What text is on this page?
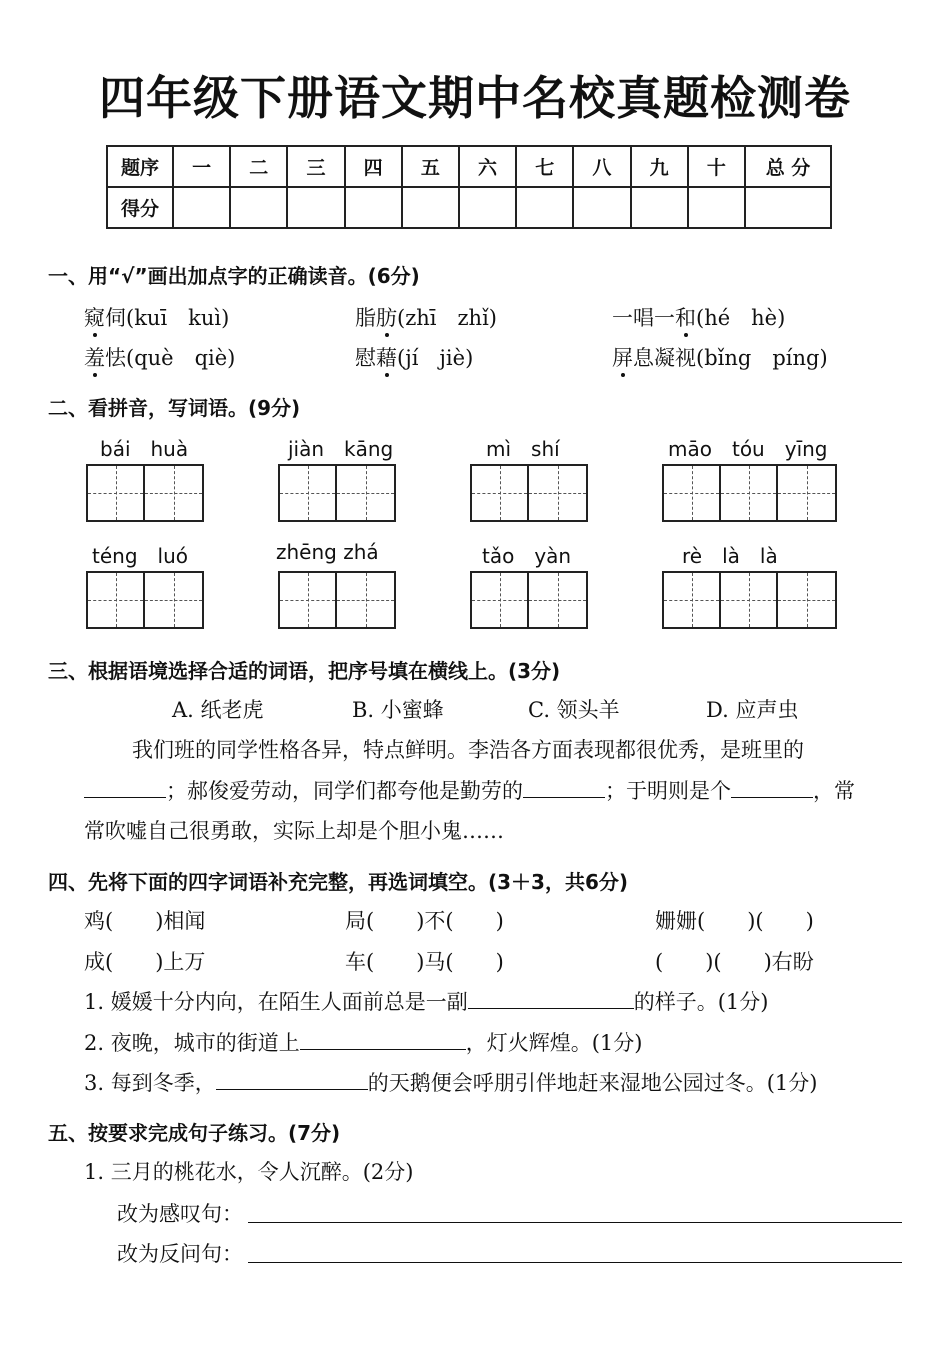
四年级下册语文期中名校真题检测卷
题序	一	二	三	四	五	六	七	八	九	十	总 分
得分											
一、用“√”画出加点字的正确读音。(6分)
窥伺(kuī　kuì)	脂肪(zhī　zhǐ)	一唱一和(hé　hè)
羞怯(què　qiè)	慰藉(jí　jiè)	屏息凝视(bǐng　píng)
二、看拼音，写词语。(9分)
bái　huà	jiàn　kāng	mì　shí	māo　tóu　yīng
téng　luó	zhēng zhá	tǎo　yàn	rè　là　là
三、根据语境选择合适的词语，把序号填在横线上。(3分)
A. 纸老虎	B. 小蜜蜂	C. 领头羊	D. 应声虫
我们班的同学性格各异，特点鲜明。李浩各方面表现都很优秀，是班里的
；郝俊爱劳动，同学们都夸他是勤劳的	；于明则是个	，常
常吹嘘自己很勇敢，实际上却是个胆小鬼……
四、先将下面的四字词语补充完整，再选词填空。(3＋3，共6分)
鸡(　　)相闻	局(　　)不(　　)	姗姗(　　)(　　)
成(　　)上万	车(　　)马(　　)	(　　)(　　)右盼
1. 媛媛十分内向，在陌生人面前总是一副	的样子。(1分)
2. 夜晚，城市的街道上	，灯火辉煌。(1分)
3. 每到冬季，	的天鹅便会呼朋引伴地赶来湿地公园过冬。(1分)
五、按要求完成句子练习。(7分)
1. 三月的桃花水，令人沉醉。(2分)
改为感叹句：
改为反问句：
